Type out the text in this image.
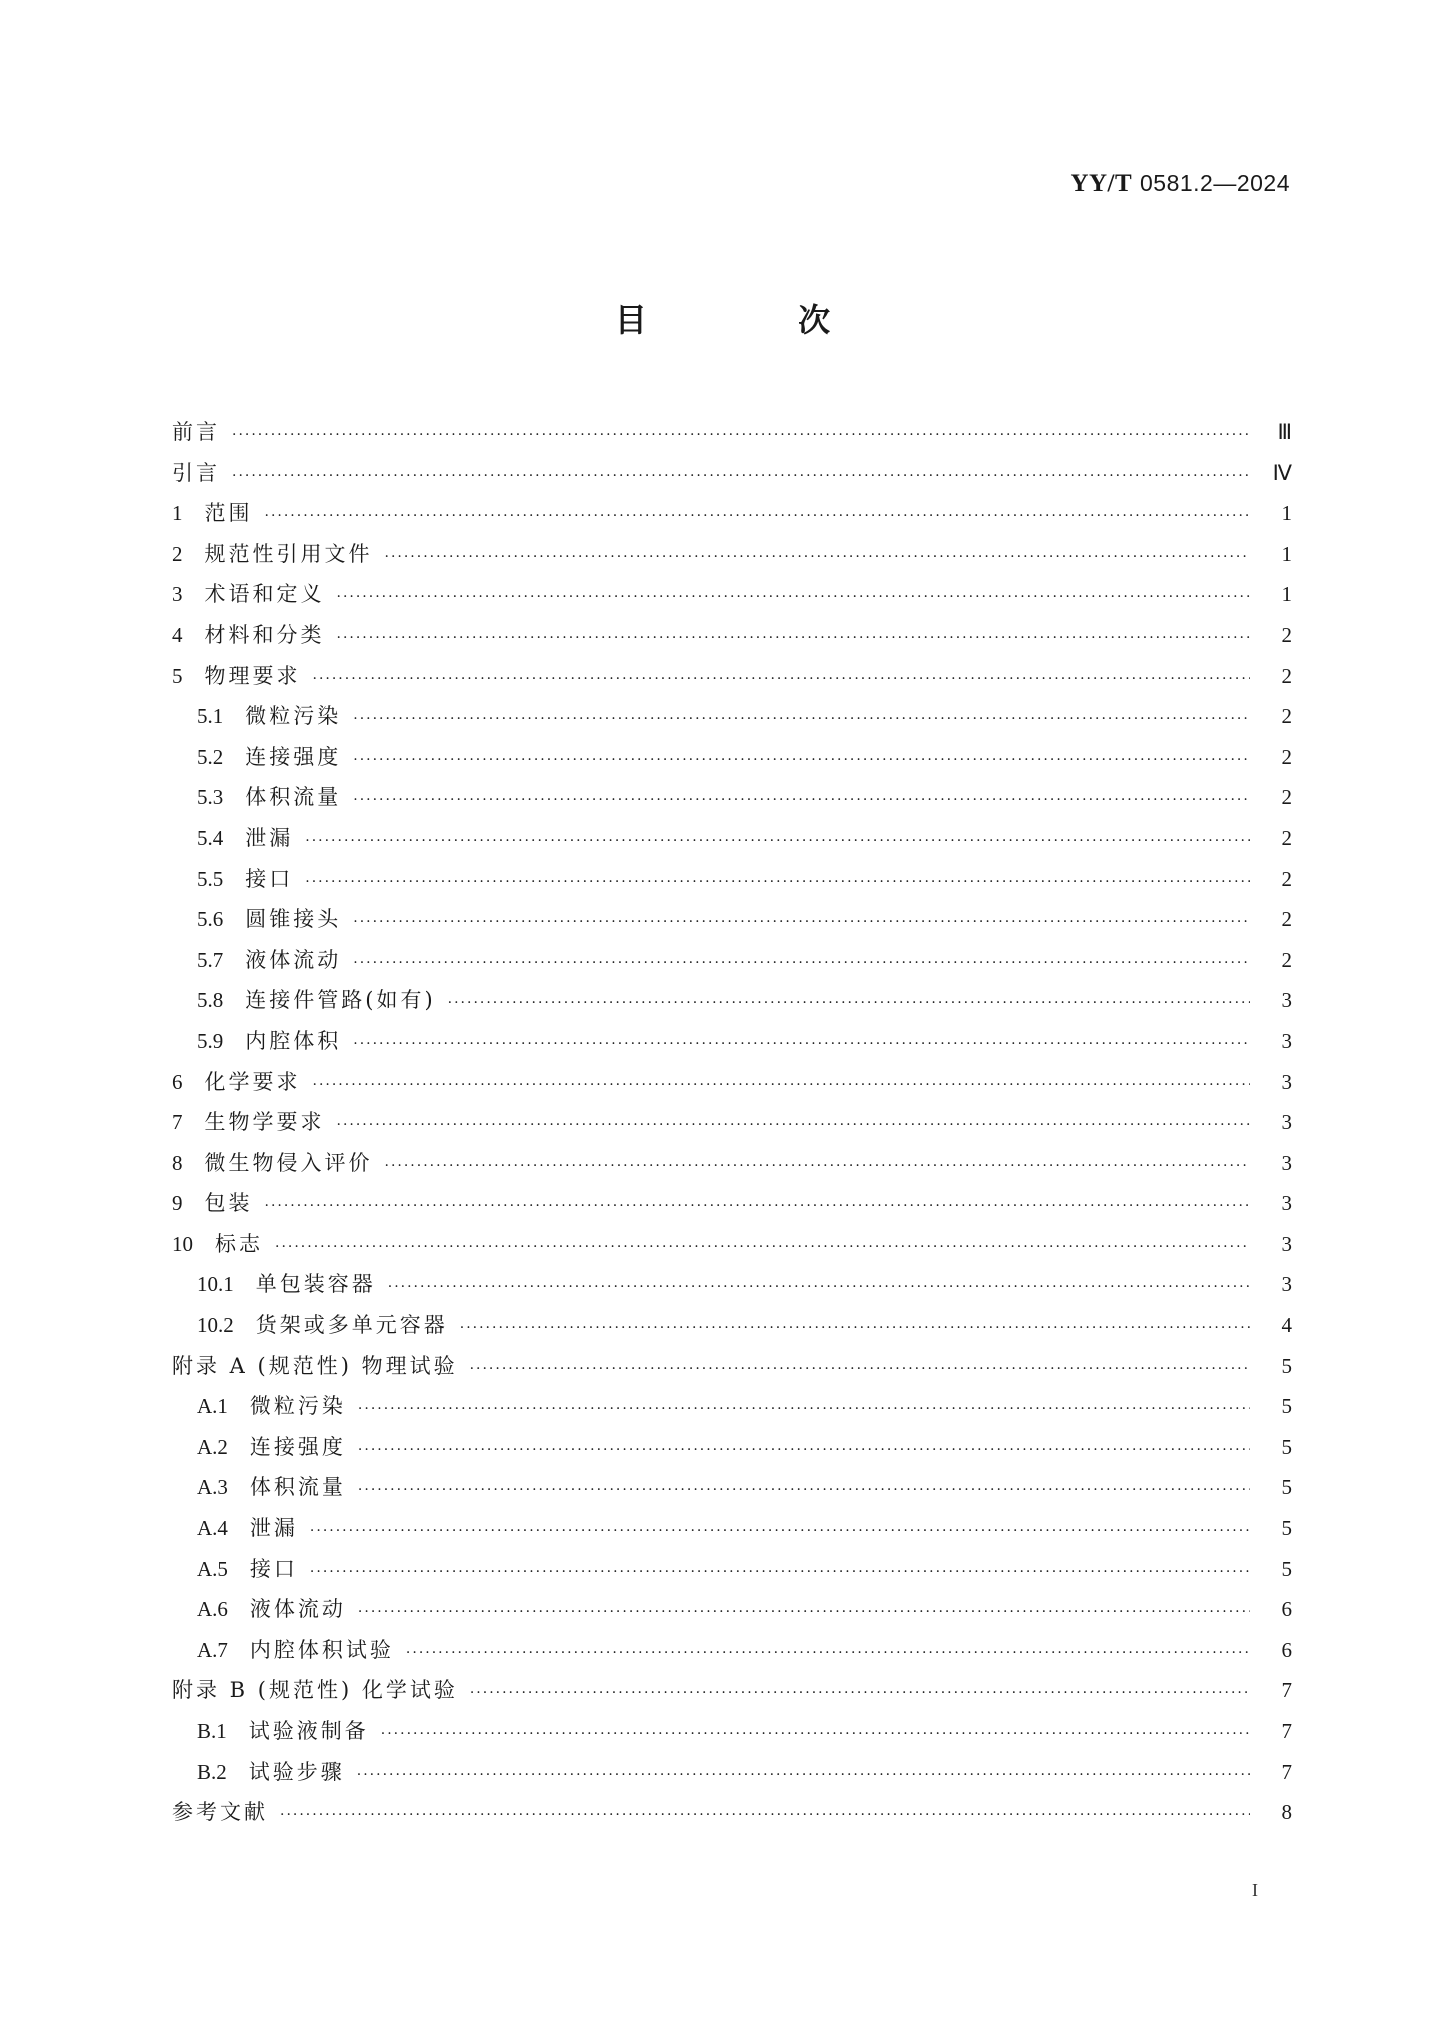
YY/T 0581.2—2024
目 次
前言 ·····	Ⅲ
引言 ·····	Ⅳ
1 范围 ·····	1
2 规范性引用文件 ·····	1
3 术语和定义 ·····	1
4 材料和分类 ·····	2
5 物理要求 ·····	2
5.1 微粒污染 ·····	2
5.2 连接强度 ·····	2
5.3 体积流量 ·····	2
5.4 泄漏 ·····	2
5.5 接口 ·····	2
5.6 圆锥接头 ·····	2
5.7 液体流动 ·····	2
5.8 连接件管路(如有) ·····	3
5.9 内腔体积 ·····	3
6 化学要求 ·····	3
7 生物学要求 ·····	3
8 微生物侵入评价 ·····	3
9 包装 ·····	3
10 标志 ·····	3
10.1 单包装容器 ·····	3
10.2 货架或多单元容器 ·····	4
附录 A (规范性) 物理试验 ·····	5
A.1 微粒污染 ·····	5
A.2 连接强度 ·····	5
A.3 体积流量 ·····	5
A.4 泄漏 ·····	5
A.5 接口 ·····	5
A.6 液体流动 ·····	6
A.7 内腔体积试验 ·····	6
附录 B (规范性) 化学试验 ·····	7
B.1 试验液制备 ·····	7
B.2 试验步骤 ·····	7
参考文献 ·····	8
I
